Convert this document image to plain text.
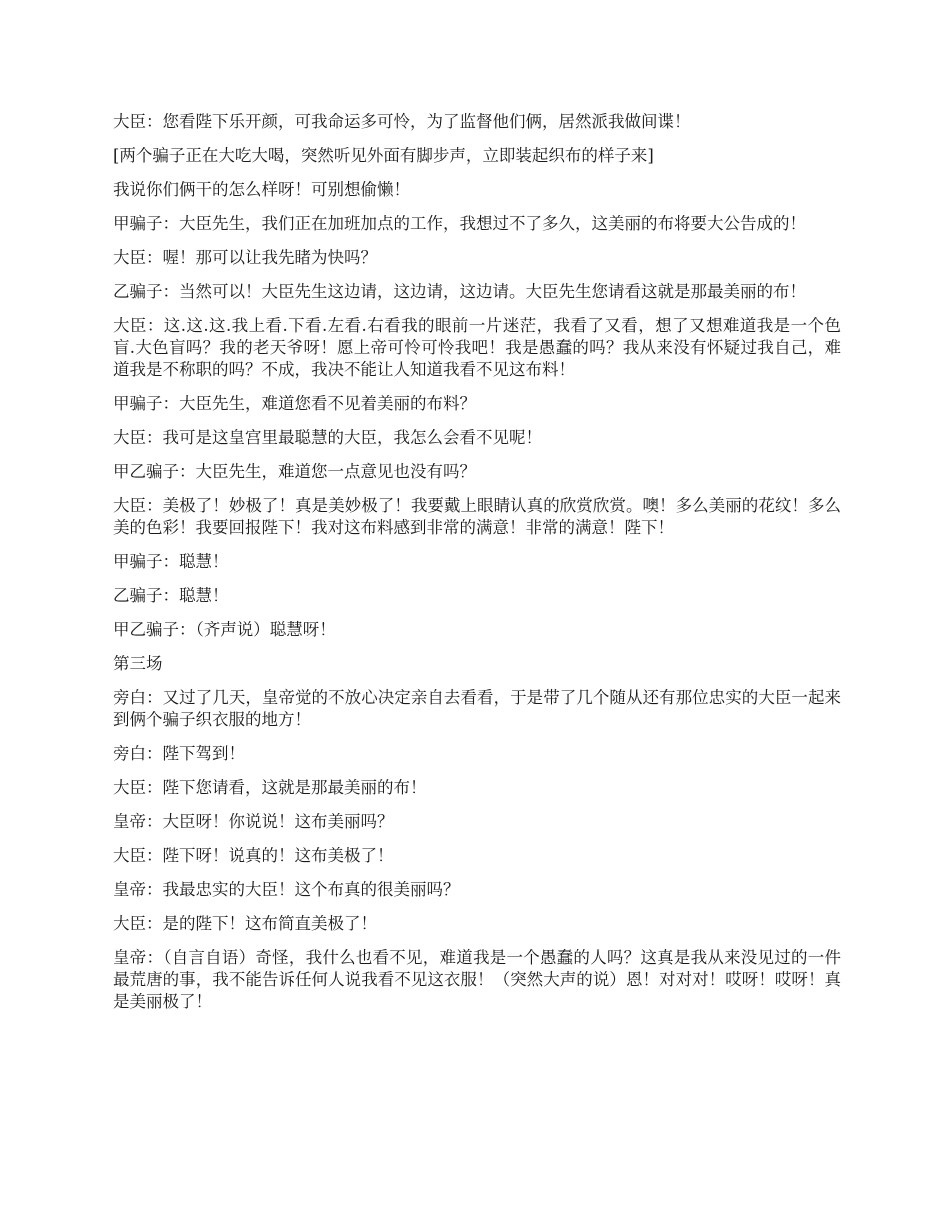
大臣：您看陛下乐开颜，可我命运多可怜，为了监督他们俩，居然派我做间谍！

[两个骗子正在大吃大喝，突然听见外面有脚步声，立即装起织布的样子来]

我说你们俩干的怎么样呀！可别想偷懒！

甲骗子：大臣先生，我们正在加班加点的工作，我想过不了多久，这美丽的布将要大公告成的！

大臣：喔！那可以让我先睹为快吗？

乙骗子：当然可以！大臣先生这边请，这边请，这边请。大臣先生您请看这就是那最美丽的布！

大臣：这.这.这.我上看.下看.左看.右看我的眼前一片迷茫，我看了又看，想了又想难道我是一个色盲.大色盲吗？我的老天爷呀！愿上帝可怜可怜我吧！我是愚蠢的吗？我从来没有怀疑过我自己，难道我是不称职的吗？不成，我决不能让人知道我看不见这布料！

甲骗子：大臣先生，难道您看不见着美丽的布料？

大臣：我可是这皇宫里最聪慧的大臣，我怎么会看不见呢！

甲乙骗子：大臣先生，难道您一点意见也没有吗？

大臣：美极了！妙极了！真是美妙极了！我要戴上眼睛认真的欣赏欣赏。噢！多么美丽的花纹！多么美的色彩！我要回报陛下！我对这布料感到非常的满意！非常的满意！陛下！

甲骗子：聪慧！

乙骗子：聪慧！

甲乙骗子：（齐声说）聪慧呀！

第三场

旁白：又过了几天，皇帝觉的不放心决定亲自去看看，于是带了几个随从还有那位忠实的大臣一起来到俩个骗子织衣服的地方！

旁白：陛下驾到！

大臣：陛下您请看，这就是那最美丽的布！

皇帝：大臣呀！你说说！这布美丽吗？

大臣：陛下呀！说真的！这布美极了！

皇帝：我最忠实的大臣！这个布真的很美丽吗？

大臣：是的陛下！这布简直美极了！

皇帝：（自言自语）奇怪，我什么也看不见，难道我是一个愚蠢的人吗？这真是我从来没见过的一件最荒唐的事，我不能告诉任何人说我看不见这衣服！（突然大声的说）恩！对对对！哎呀！哎呀！真是美丽极了！
